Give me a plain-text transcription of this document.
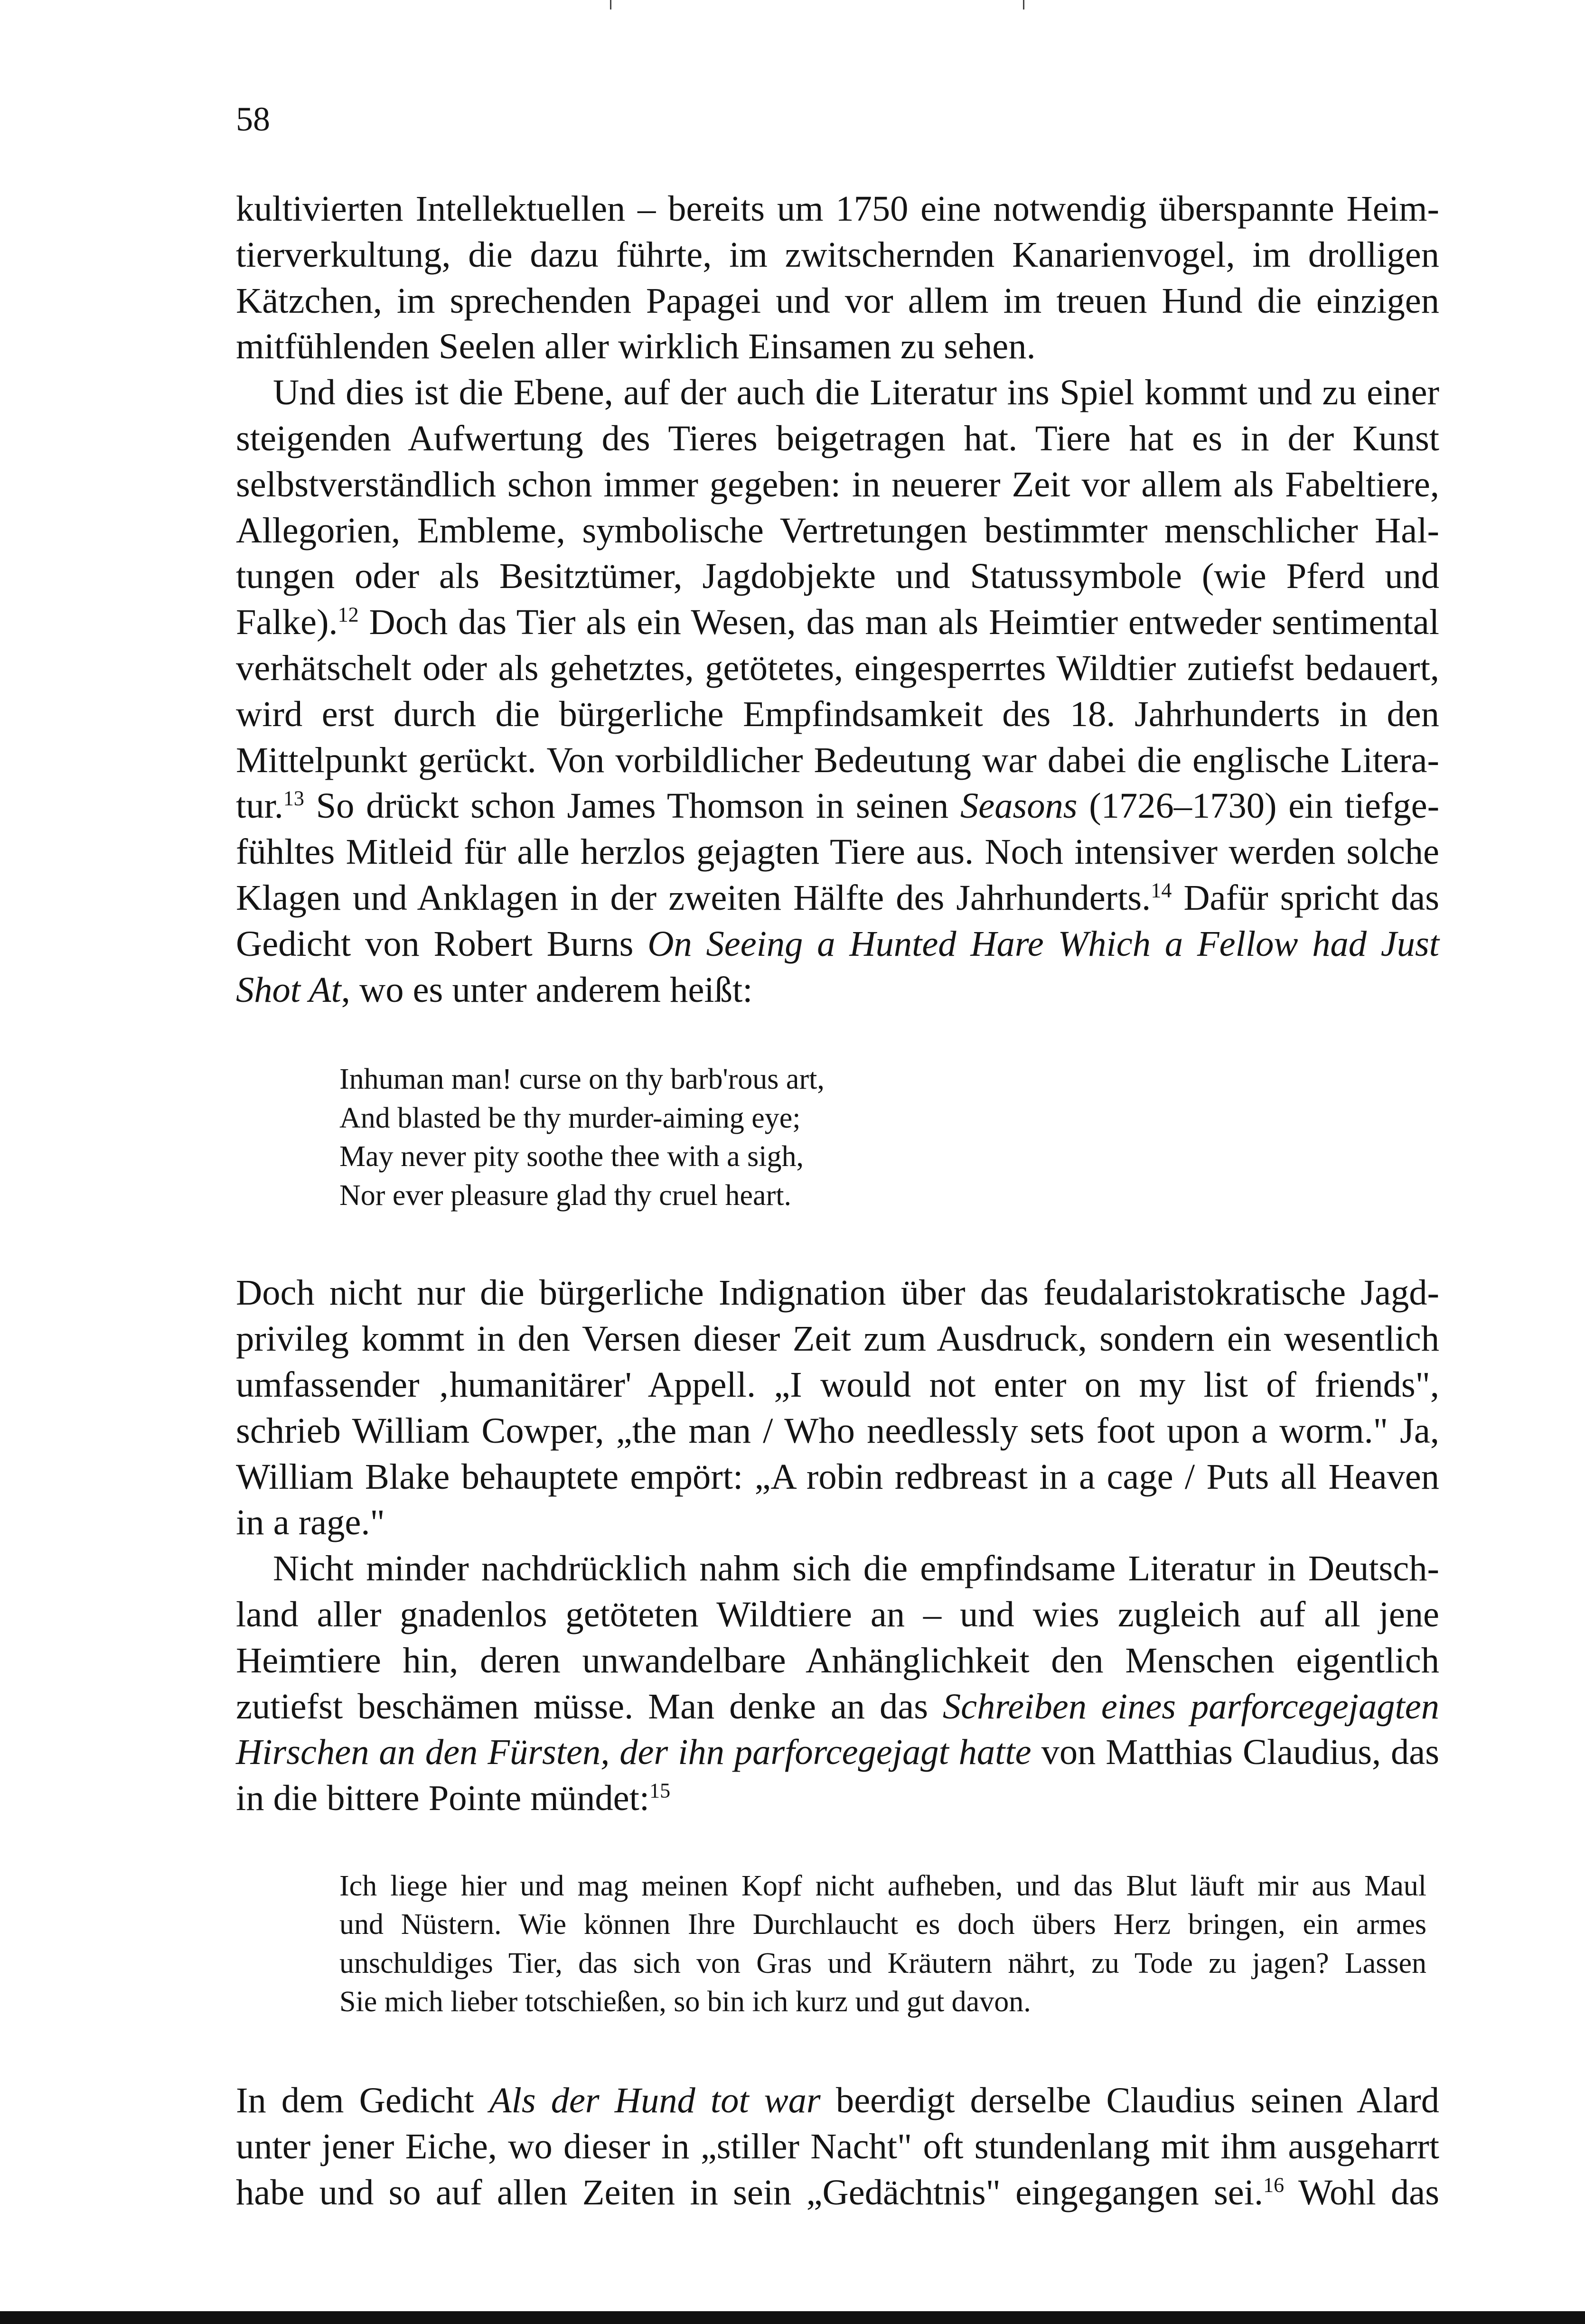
58

kultivierten Intellektuellen – bereits um 1750 eine notwendig überspannte Heim-
tierverkultung, die dazu führte, im zwitschernden Kanarienvogel, im drolligen
Kätzchen, im sprechenden Papagei und vor allem im treuen Hund die einzigen
mitfühlenden Seelen aller wirklich Einsamen zu sehen.

Und dies ist die Ebene, auf der auch die Literatur ins Spiel kommt und zu einer
steigenden Aufwertung des Tieres beigetragen hat. Tiere hat es in der Kunst
selbstverständlich schon immer gegeben: in neuerer Zeit vor allem als Fabeltiere,
Allegorien, Embleme, symbolische Vertretungen bestimmter menschlicher Hal-
tungen oder als Besitztümer, Jagdobjekte und Statussymbole (wie Pferd und
Falke).$^{12}$ Doch das Tier als ein Wesen, das man als Heimtier entweder sentimental
verhätschelt oder als gehetztes, getötetes, eingesperrtes Wildtier zutiefst bedauert,
wird erst durch die bürgerliche Empfindsamkeit des 18. Jahrhunderts in den
Mittelpunkt gerückt. Von vorbildlicher Bedeutung war dabei die englische Litera-
tur.$^{13}$ So drückt schon James Thomson in seinen Seasons (1726–1730) ein tiefge-
fühltes Mitleid für alle herzlos gejagten Tiere aus. Noch intensiver werden solche
Klagen und Anklagen in der zweiten Hälfte des Jahrhunderts.$^{14}$ Dafür spricht das
Gedicht von Robert Burns On Seeing a Hunted Hare Which a Fellow had Just
Shot At, wo es unter anderem heißt:

Inhuman man! curse on thy barb'rous art,
And blasted be thy murder-aiming eye;
May never pity soothe thee with a sigh,
Nor ever pleasure glad thy cruel heart.

Doch nicht nur die bürgerliche Indignation über das feudalaristokratische Jagd-
privileg kommt in den Versen dieser Zeit zum Ausdruck, sondern ein wesentlich
umfassender ‚humanitärer' Appell. „I would not enter on my list of friends",
schrieb William Cowper, „the man / Who needlessly sets foot upon a worm." Ja,
William Blake behauptete empört: „A robin redbreast in a cage / Puts all Heaven
in a rage."

Nicht minder nachdrücklich nahm sich die empfindsame Literatur in Deutsch-
land aller gnadenlos getöteten Wildtiere an – und wies zugleich auf all jene
Heimtiere hin, deren unwandelbare Anhänglichkeit den Menschen eigentlich
zutiefst beschämen müsse. Man denke an das Schreiben eines parforcegejagten
Hirschen an den Fürsten, der ihn parforcegejagt hatte von Matthias Claudius, das
in die bittere Pointe mündet:$^{15}$

Ich liege hier und mag meinen Kopf nicht aufheben, und das Blut läuft mir aus Maul
und Nüstern. Wie können Ihre Durchlaucht es doch übers Herz bringen, ein armes
unschuldiges Tier, das sich von Gras und Kräutern nährt, zu Tode zu jagen? Lassen
Sie mich lieber totschießen, so bin ich kurz und gut davon.

In dem Gedicht Als der Hund tot war beerdigt derselbe Claudius seinen Alard
unter jener Eiche, wo dieser in „stiller Nacht" oft stundenlang mit ihm ausgeharrt
habe und so auf allen Zeiten in sein „Gedächtnis" eingegangen sei.$^{16}$ Wohl das
